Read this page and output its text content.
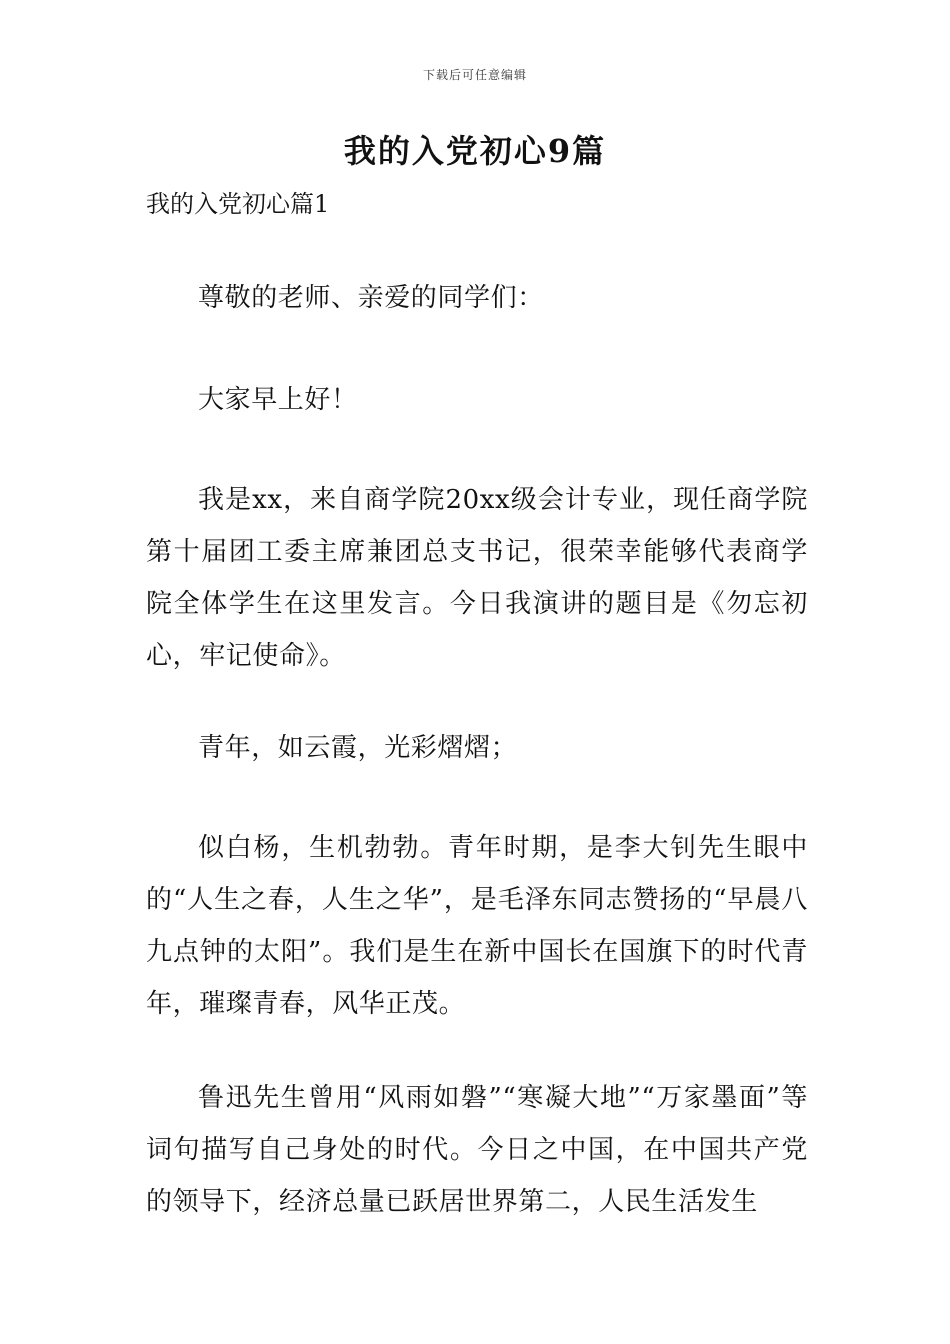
下载后可任意编辑
我的入党初心9篇
我的入党初心篇1

尊敬的老师、亲爱的同学们：

大家早上好！

我是xx，来自商学院20xx级会计专业，现任商学院第十届团工委主席兼团总支书记，很荣幸能够代表商学院全体学生在这里发言。今日我演讲的题目是《勿忘初心，牢记使命》。

青年，如云霞，光彩熠熠；

似白杨，生机勃勃。青年时期，是李大钊先生眼中的“人生之春，人生之华”，是毛泽东同志赞扬的“早晨八九点钟的太阳”。我们是生在新中国长在国旗下的时代青年，璀璨青春，风华正茂。

鲁迅先生曾用“风雨如磐”“寒凝大地”“万家墨面”等词句描写自己身处的时代。今日之中国，在中国共产党的领导下，经济总量已跃居世界第二，人民生活发生
